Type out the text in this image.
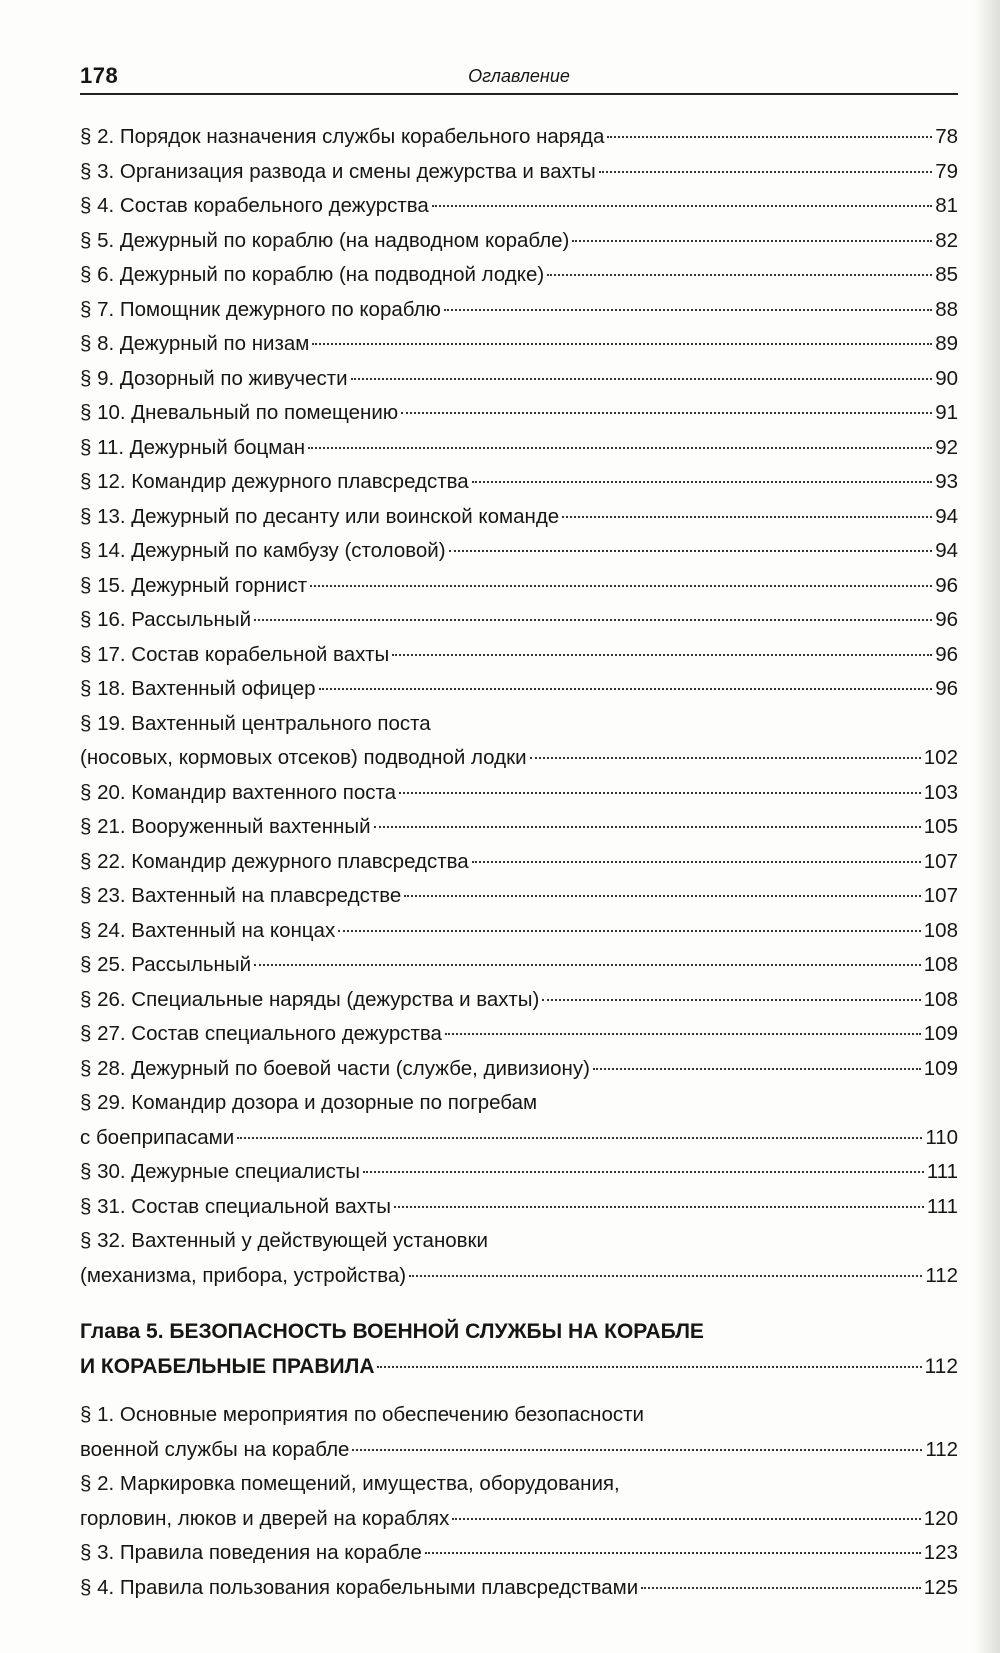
178	Оглавление
§ 2. Порядок назначения службы корабельного наряда	78
§ 3. Организация развода и смены дежурства и вахты	79
§ 4. Состав корабельного дежурства	81
§ 5. Дежурный по кораблю (на надводном корабле)	82
§ 6. Дежурный по кораблю (на подводной лодке)	85
§ 7. Помощник дежурного по кораблю	88
§ 8. Дежурный по низам	89
§ 9. Дозорный по живучести	90
§ 10. Дневальный по помещению	91
§ 11. Дежурный боцман	92
§ 12. Командир дежурного плавсредства	93
§ 13. Дежурный по десанту или воинской команде	94
§ 14. Дежурный по камбузу (столовой)	94
§ 15. Дежурный горнист	96
§ 16. Рассыльный	96
§ 17. Состав корабельной вахты	96
§ 18. Вахтенный офицер	96
§ 19. Вахтенный центрального поста
(носовых, кормовых отсеков) подводной лодки	102
§ 20. Командир вахтенного поста	103
§ 21. Вооруженный вахтенный	105
§ 22. Командир дежурного плавсредства	107
§ 23. Вахтенный на плавсредстве	107
§ 24. Вахтенный на концах	108
§ 25. Рассыльный	108
§ 26. Специальные наряды (дежурства и вахты)	108
§ 27. Состав специального дежурства	109
§ 28. Дежурный по боевой части (службе, дивизиону)	109
§ 29. Командир дозора и дозорные по погребам
с боеприпасами	110
§ 30. Дежурные специалисты	111
§ 31. Состав специальной вахты	111
§ 32. Вахтенный у действующей установки
(механизма, прибора, устройства)	112
Глава 5. БЕЗОПАСНОСТЬ ВОЕННОЙ СЛУЖБЫ НА КОРАБЛЕ
И КОРАБЕЛЬНЫЕ ПРАВИЛА	112
§ 1. Основные мероприятия по обеспечению безопасности
военной службы на корабле	112
§ 2. Маркировка помещений, имущества, оборудования,
горловин, люков и дверей на кораблях	120
§ 3. Правила поведения на корабле	123
§ 4. Правила пользования корабельными плавсредствами	125
